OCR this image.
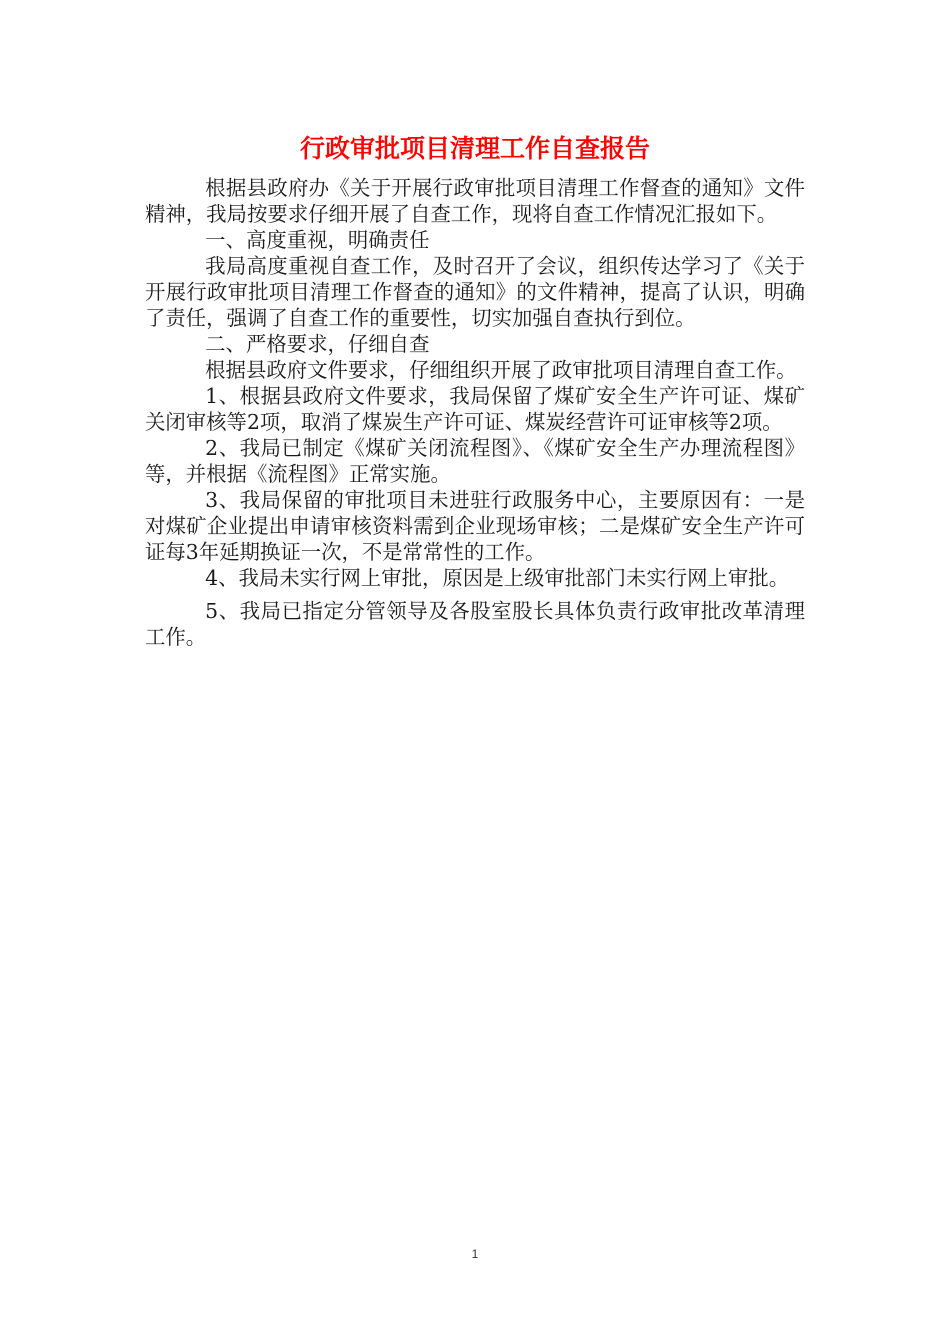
行政审批项目清理工作自查报告

根据县政府办《关于开展行政审批项目清理工作督查的通知》文件精神，我局按要求仔细开展了自查工作，现将自查工作情况汇报如下。

一、高度重视，明确责任

我局高度重视自查工作，及时召开了会议，组织传达学习了《关于开展行政审批项目清理工作督查的通知》的文件精神，提高了认识，明确了责任，强调了自查工作的重要性，切实加强自查执行到位。

二、严格要求，仔细自查

根据县政府文件要求，仔细组织开展了政审批项目清理自查工作。

1、根据县政府文件要求，我局保留了煤矿安全生产许可证、煤矿关闭审核等2项，取消了煤炭生产许可证、煤炭经营许可证审核等2项。

2、我局已制定《煤矿关闭流程图》、《煤矿安全生产办理流程图》等，并根据《流程图》正常实施。

3、我局保留的审批项目未进驻行政服务中心，主要原因有：一是对煤矿企业提出申请审核资料需到企业现场审核；二是煤矿安全生产许可证每3年延期换证一次，不是常常性的工作。

4、我局未实行网上审批，原因是上级审批部门未实行网上审批。

5、我局已指定分管领导及各股室股长具体负责行政审批改革清理工作。

1
